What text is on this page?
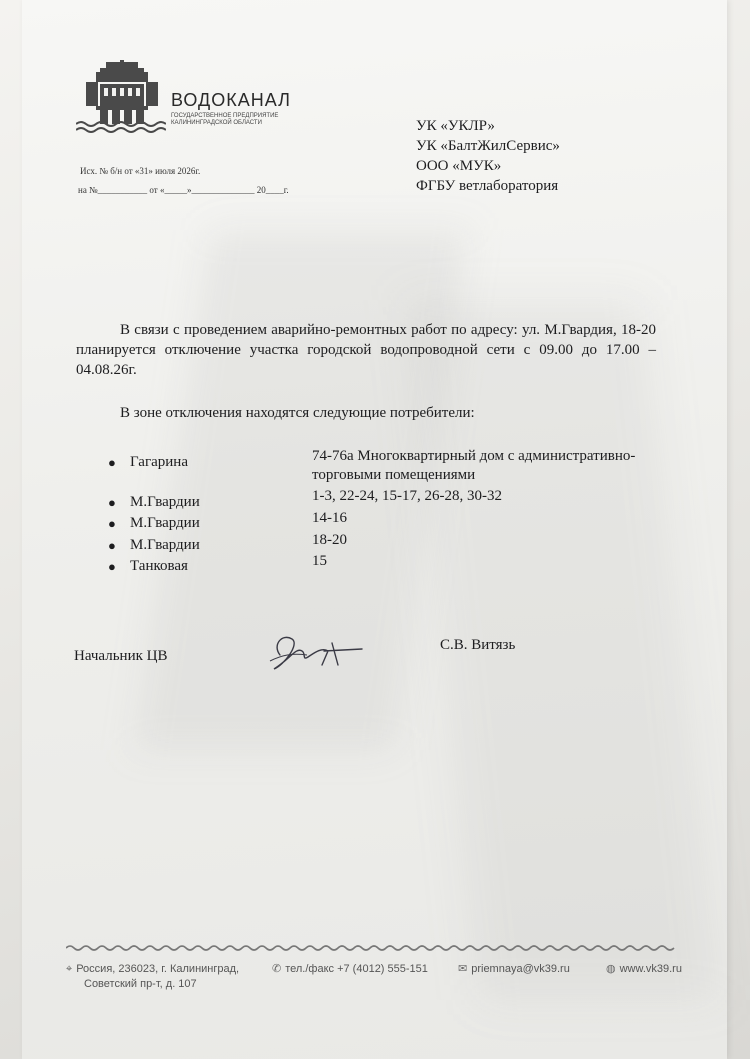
ВОДОКАНАЛ
ГОСУДАРСТВЕННОЕ ПРЕДПРИЯТИЕ КАЛИНИНГРАДСКОЙ ОБЛАСТИ
Исх. № б/н от «31» июля 2026г.
на №___________ от «_____»______________ 20____г.
УК «УКЛР»
УК «БалтЖилСервис»
ООО «МУК»
ФГБУ ветлаборатория
В связи с проведением аварийно-ремонтных работ по адресу: ул. М.Гвардия, 18-20 планируется отключение участка городской водопроводной сети с 09.00 до 17.00 – 04.08.26г.
В зоне отключения находятся следующие потребители:
● Гагарина	74-76а Многоквартирный дом с административно-торговыми помещениями
● М.Гвардии	1-3, 22-24, 15-17, 26-28, 30-32
● М.Гвардии	14-16
● М.Гвардии	18-20
● Танковая	15
Начальник ЦВ
С.В. Витязь
⌖ Россия, 236023, г. Калининград,
Советский пр-т, д. 107
✆ тел./факс +7 (4012) 555-151	✉ priemnaya@vk39.ru	◍ www.vk39.ru
